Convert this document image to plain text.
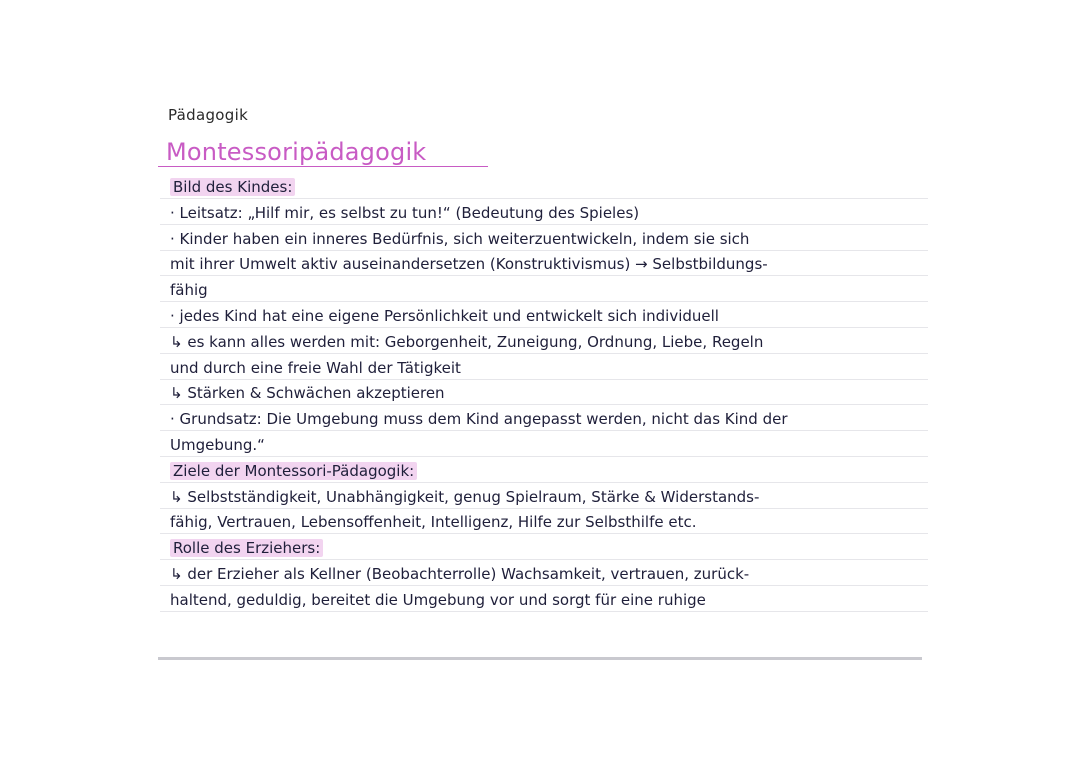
Pädagogik
Montessoripädagogik
Bild des Kindes:
· Leitsatz: „Hilf mir, es selbst zu tun!“ (Bedeutung des Spieles)
· Kinder haben ein inneres Bedürfnis, sich weiterzuentwickeln, indem sie sich
mit ihrer Umwelt aktiv auseinandersetzen (Konstruktivismus) → Selbstbildungs-
fähig
· jedes Kind hat eine eigene Persönlichkeit und entwickelt sich individuell
↳ es kann alles werden mit: Geborgenheit, Zuneigung, Ordnung, Liebe, Regeln
und durch eine freie Wahl der Tätigkeit
↳ Stärken & Schwächen akzeptieren
· Grundsatz: Die Umgebung muss dem Kind angepasst werden, nicht das Kind der
Umgebung.“
Ziele der Montessori-Pädagogik:
↳ Selbstständigkeit, Unabhängigkeit, genug Spielraum, Stärke & Widerstands-
fähig, Vertrauen, Lebensoffenheit, Intelligenz, Hilfe zur Selbsthilfe etc.
Rolle des Erziehers:
↳ der Erzieher als Kellner (Beobachterrolle) Wachsamkeit, vertrauen, zurück-
haltend, geduldig, bereitet die Umgebung vor und sorgt für eine ruhige
